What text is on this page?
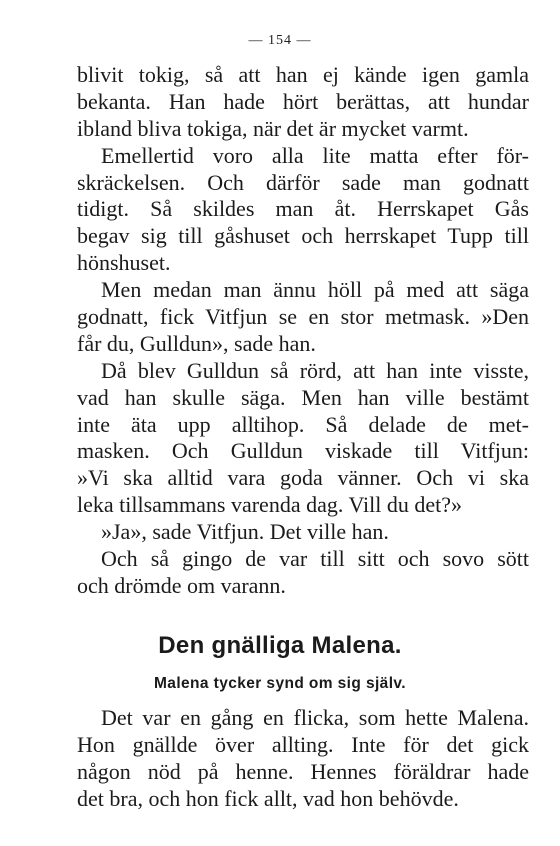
— 154 —
blivit tokig, så att han ej kände igen gamla
bekanta. Han hade hört berättas, att hundar
ibland bliva tokiga, när det är mycket varmt.
Emellertid voro alla lite matta efter för-
skräckelsen. Och därför sade man godnatt
tidigt. Så skildes man åt. Herrskapet Gås
begav sig till gåshuset och herrskapet Tupp till
hönshuset.
Men medan man ännu höll på med att säga
godnatt, fick Vitfjun se en stor metmask. »Den
får du, Gulldun», sade han.
Då blev Gulldun så rörd, att han inte visste,
vad han skulle säga. Men han ville bestämt
inte äta upp alltihop. Så delade de met-
masken. Och Gulldun viskade till Vitfjun:
»Vi ska alltid vara goda vänner. Och vi ska
leka tillsammans varenda dag. Vill du det?»
»Ja», sade Vitfjun. Det ville han.
Och så gingo de var till sitt och sovo sött
och drömde om varann.
Den gnälliga Malena.
Malena tycker synd om sig själv.
Det var en gång en flicka, som hette Malena.
Hon gnällde över allting. Inte för det gick
någon nöd på henne. Hennes föräldrar hade
det bra, och hon fick allt, vad hon behövde.
